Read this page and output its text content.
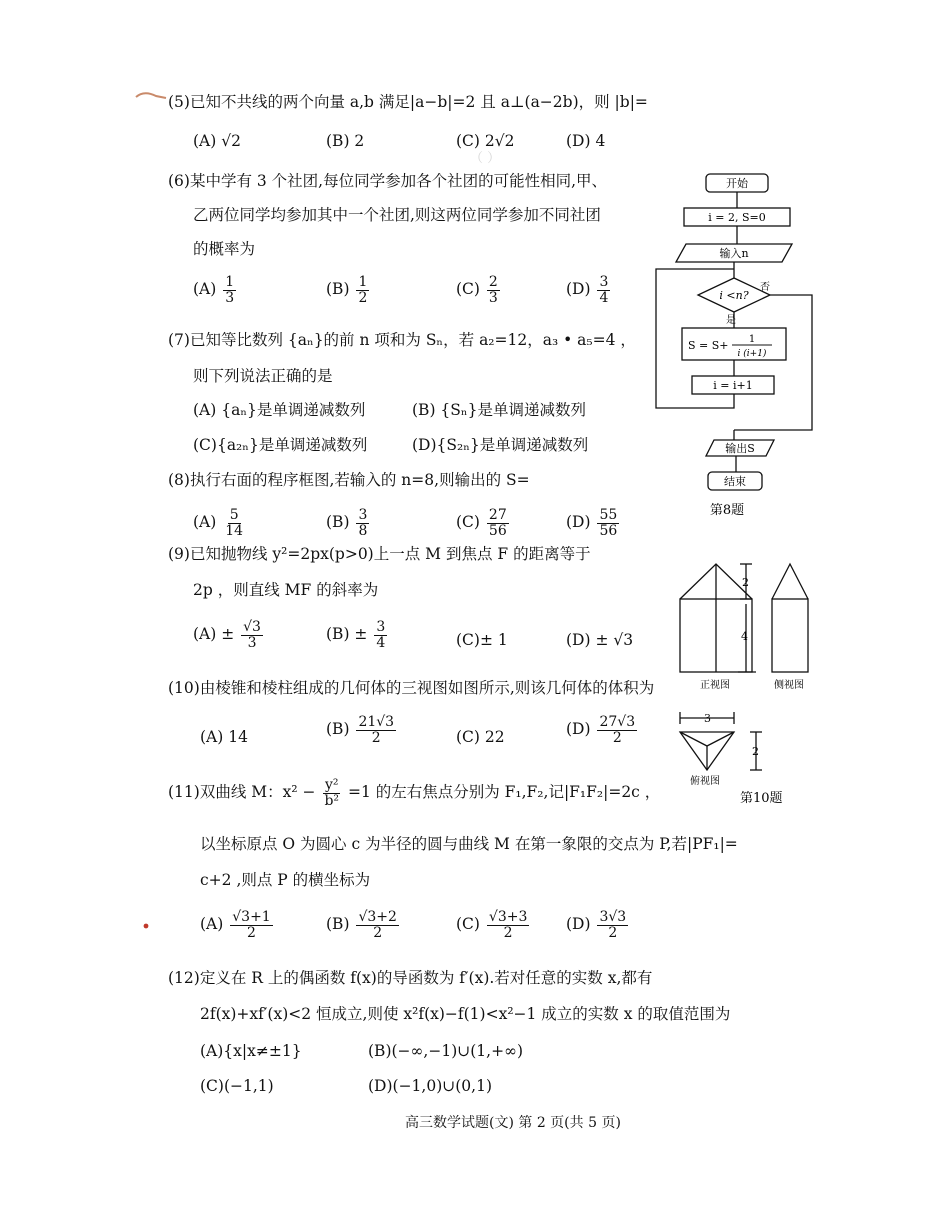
（ ）
(5)已知不共线的两个向量 a,b 满足|a−b|=2 且 a⊥(a−2b)，则 |b|=
(A) √2	(B) 2	(C) 2√2	(D) 4
(6)某中学有 3 个社团,每位同学参加各个社团的可能性相同,甲、
乙两位同学均参加其中一个社团,则这两位同学参加不同社团
的概率为
$(A) \frac{1}{3}$	$(B) \frac{1}{2}$	$(C) \frac{2}{3}$	$(D) \frac{3}{4}$
(7)已知等比数列 {aₙ}的前 n 项和为 Sₙ，若 a₂=12，a₃ • a₅=4 ，
则下列说法正确的是
(A) {aₙ}是单调递减数列	(B) {Sₙ}是单调递减数列
(C){a₂ₙ}是单调递减数列	(D){S₂ₙ}是单调递减数列
(8)执行右面的程序框图,若输入的 n=8,则输出的 S=
$(A) \frac{5}{14}$	$(B) \frac{3}{8}$	$(C) \frac{27}{56}$	$(D) \frac{55}{56}$
(9)已知抛物线 y²=2px(p>0)上一点 M 到焦点 F 的距离等于
2p ，则直线 MF 的斜率为
$(A) \pm \frac{√3}{3}$	$(B) \pm \frac{3}{4}$	(C)± 1	(D) ± √3
(10)由棱锥和棱柱组成的几何体的三视图如图所示,则该几何体的体积为
(A) 14	$(B) \frac{21√3}{2}$	(C) 22	$(D) \frac{27√3}{2}$
(11)双曲线 M：$x^2 - \frac{\text{y²}}{\text{b²}} =1$ 的左右焦点分别为 F₁,F₂,记|F₁F₂|=2c ，
以坐标原点 O 为圆心 c 为半径的圆与曲线 M 在第一象限的交点为 P,若|PF₁|=
c+2 ,则点 P 的横坐标为
$(A) \frac{√3+1}{2}$	$(B) \frac{√3+2}{2}$	$(C) \frac{√3+3}{2} (D) \frac{3√3}{2}$
(12)定义在 R 上的偶函数 f(x)的导函数为 f′(x).若对任意的实数 x,都有
2f(x)+xf′(x)<2 恒成立,则使 x²f(x)−f(1)<x²−1 成立的实数 x 的取值范围为
(A){x|x≠±1}	(B)(−∞,−1)∪(1,+∞)
(C)(−1,1)	(D)(−1,0)∪(0,1)
高三数学试题(文) 第 2 页(共 5 页)
开始
i = 2, S=0
输入n
i <n?
否
是
S = S+ 1
i (i+1)
i = i+1
输出S
结束
第8题
2
4
正视图	侧视图
3
2
俯视图
第10题
